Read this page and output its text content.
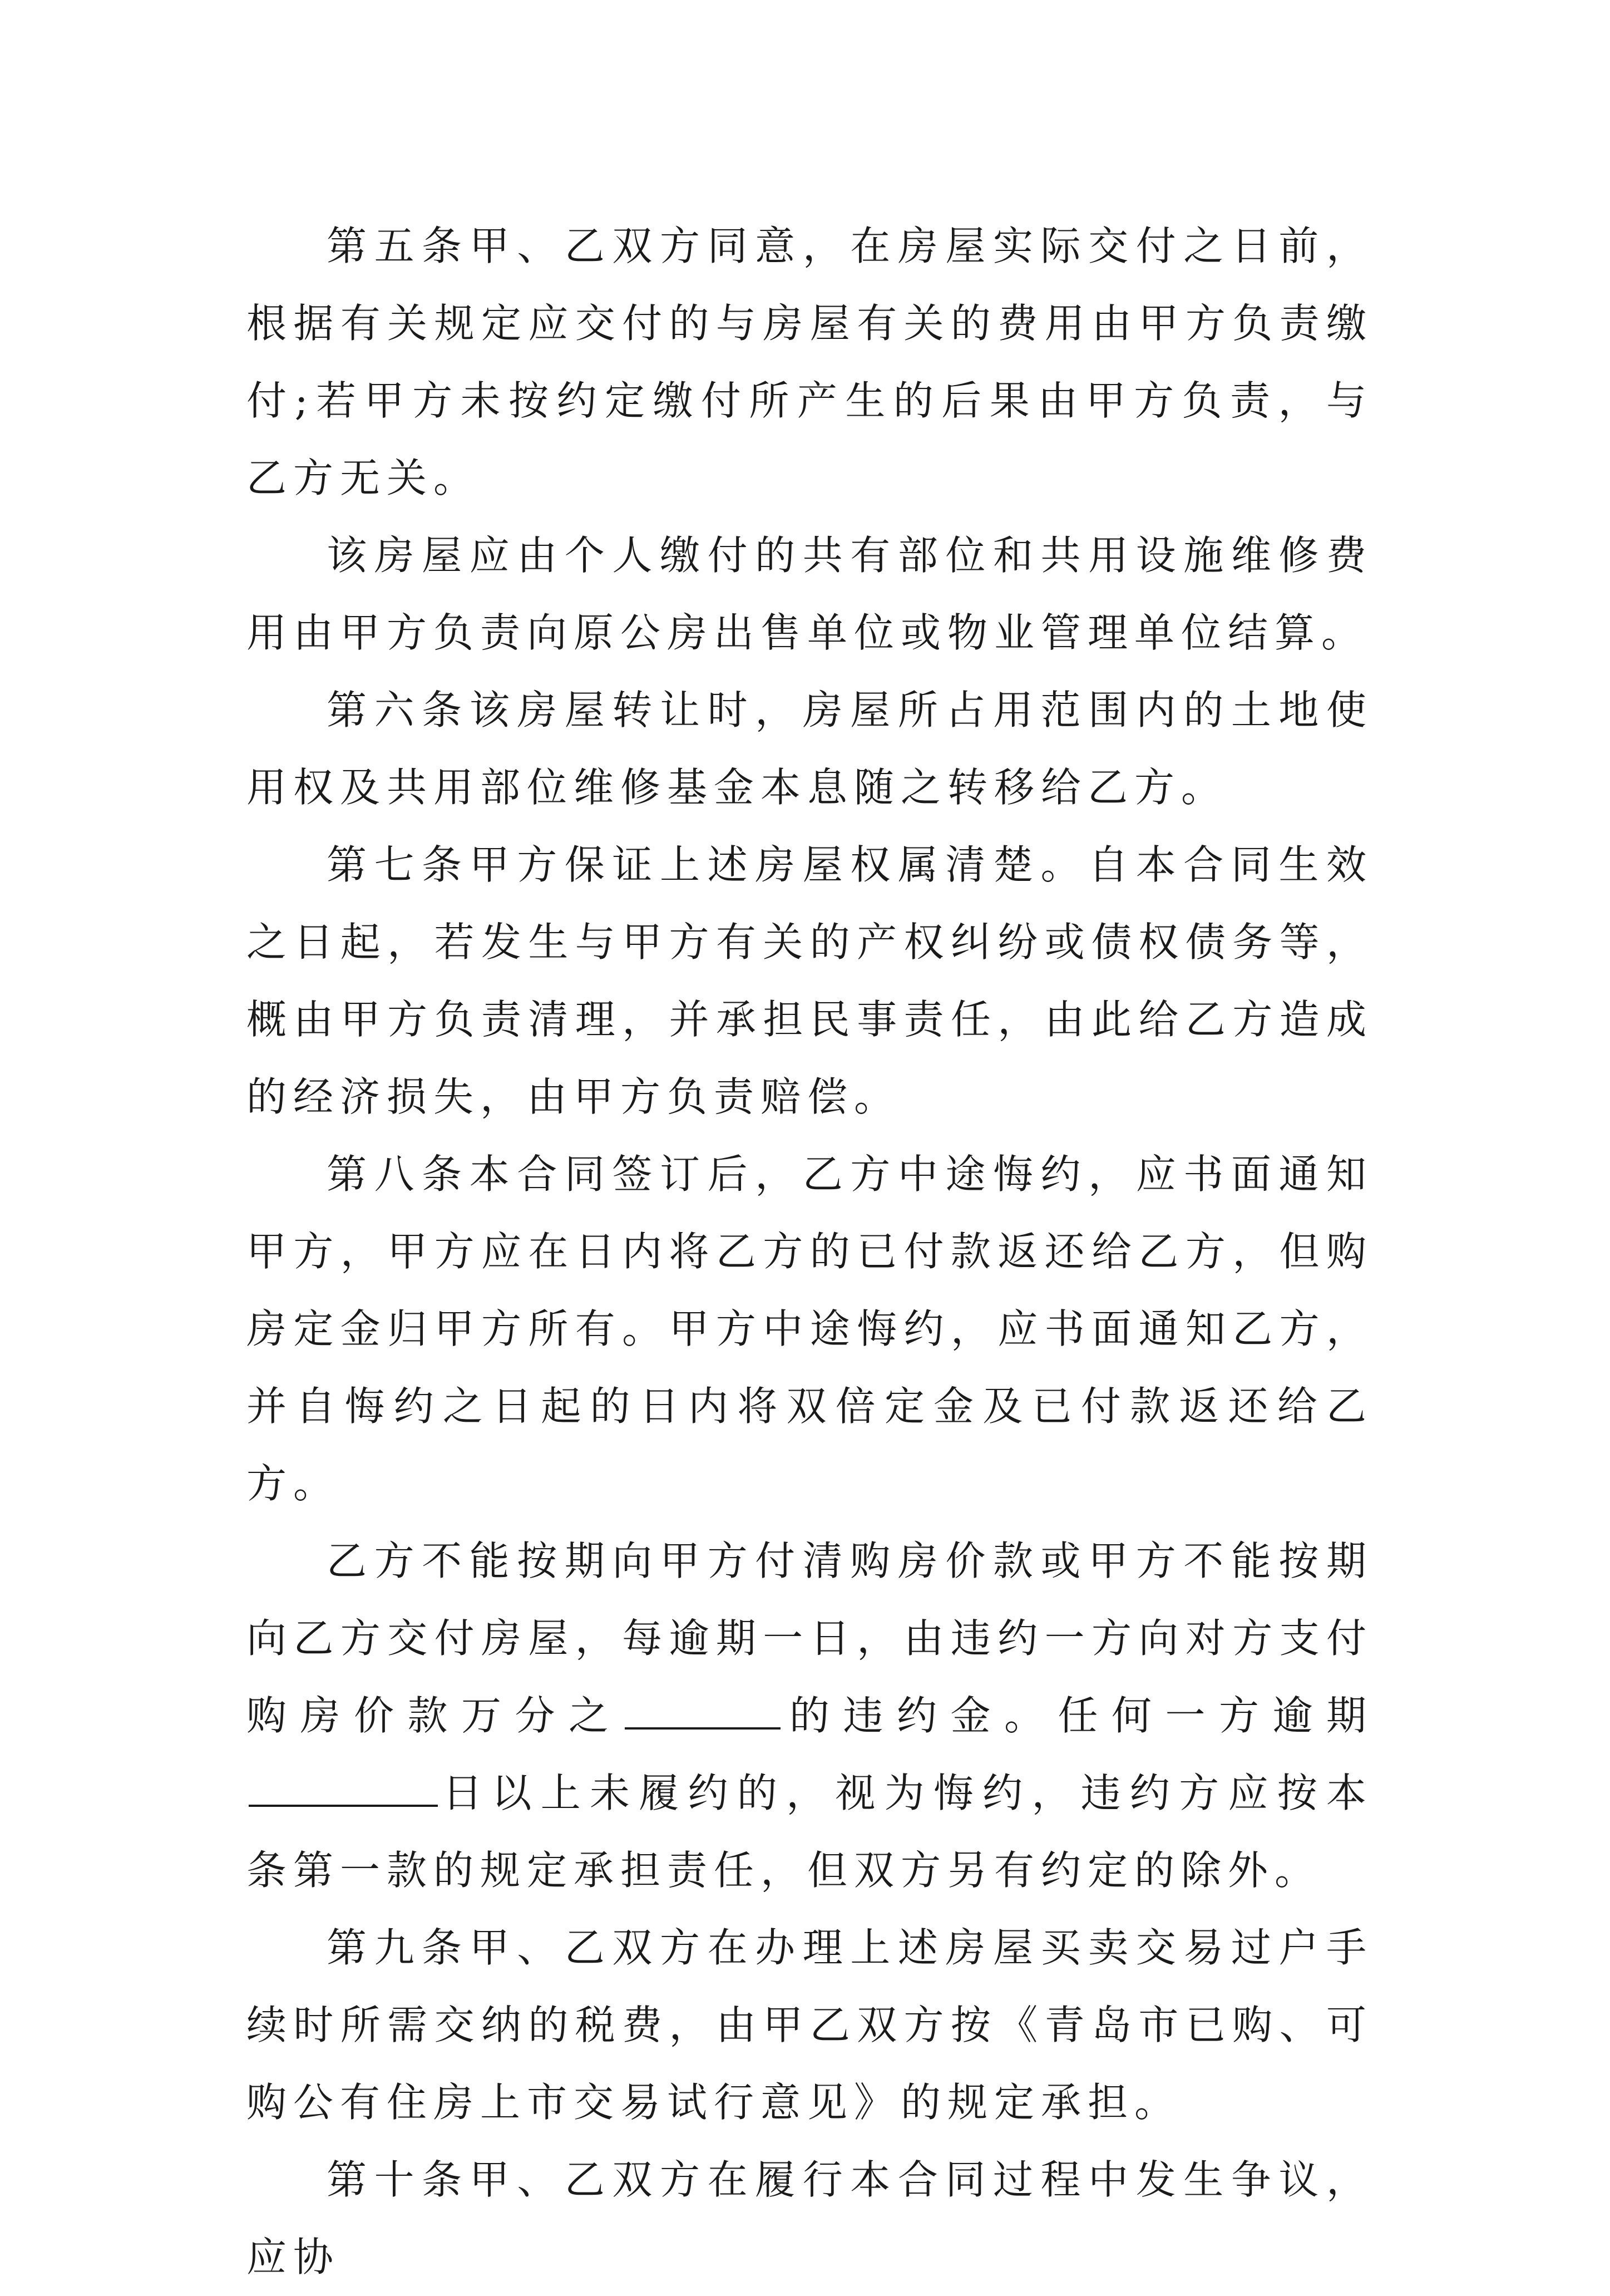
第五条甲、乙双方同意，在房屋实际交付之日前，根据有关规定应交付的与房屋有关的费用由甲方负责缴付;若甲方未按约定缴付所产生的后果由甲方负责，与乙方无关。

该房屋应由个人缴付的共有部位和共用设施维修费用由甲方负责向原公房出售单位或物业管理单位结算。

第六条该房屋转让时，房屋所占用范围内的土地使用权及共用部位维修基金本息随之转移给乙方。

第七条甲方保证上述房屋权属清楚。自本合同生效之日起，若发生与甲方有关的产权纠纷或债权债务等，概由甲方负责清理，并承担民事责任，由此给乙方造成的经济损失，由甲方负责赔偿。

第八条本合同签订后，乙方中途悔约，应书面通知甲方，甲方应在日内将乙方的已付款返还给乙方，但购房定金归甲方所有。甲方中途悔约，应书面通知乙方，并自悔约之日起的日内将双倍定金及已付款返还给乙方。

乙方不能按期向甲方付清购房价款或甲方不能按期向乙方交付房屋，每逾期一日，由违约一方向对方支付购房价款万分之	的违约金。任何一方逾期日以上未履约的，视为悔约，违约方应按本条第一款的规定承担责任，但双方另有约定的除外。

第九条甲、乙双方在办理上述房屋买卖交易过户手续时所需交纳的税费，由甲乙双方按《青岛市已购、可购公有住房上市交易试行意见》的规定承担。

第十条甲、乙双方在履行本合同过程中发生争议，应协
